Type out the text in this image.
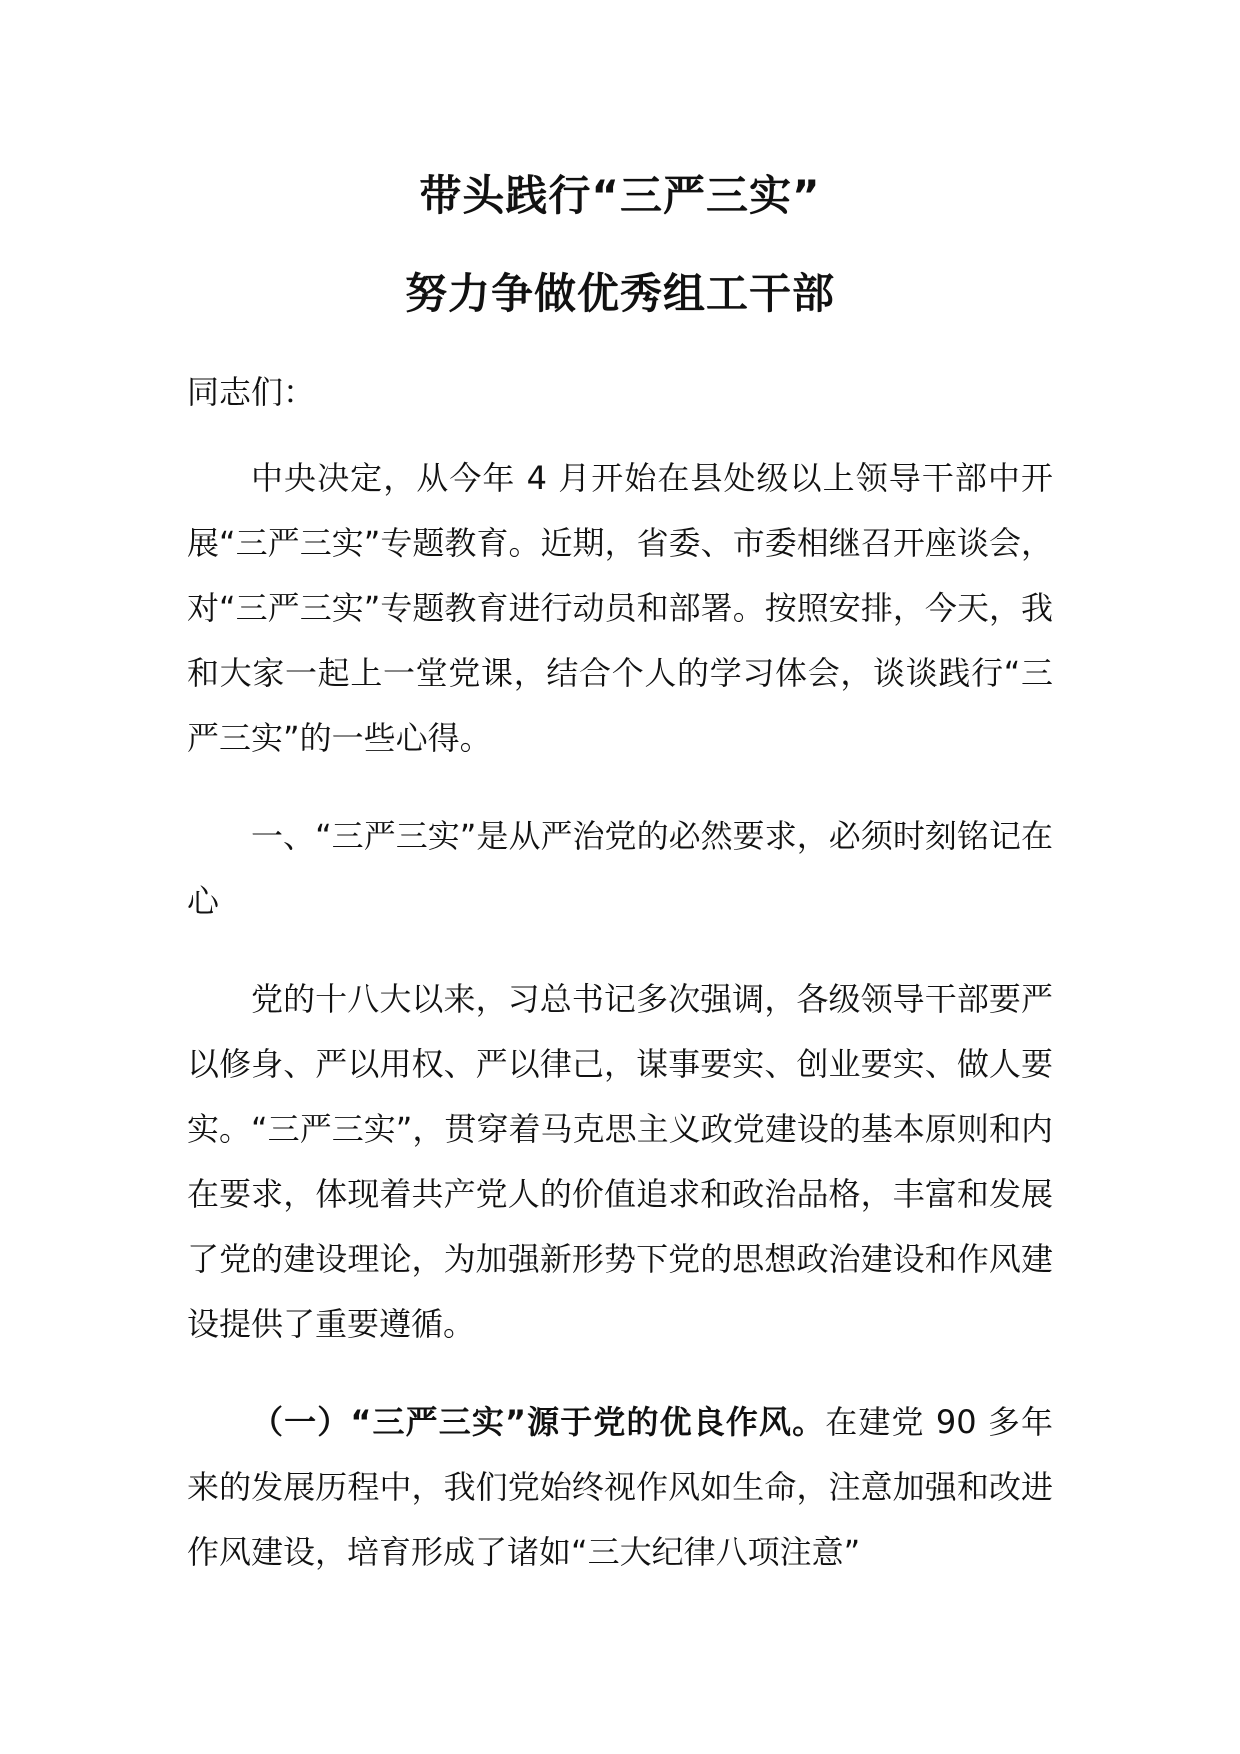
带头践行“三严三实”
努力争做优秀组工干部
同志们：

中央决定，从今年 4 月开始在县处级以上领导干部中开展“三严三实”专题教育。近期，省委、市委相继召开座谈会，对“三严三实”专题教育进行动员和部署。按照安排，今天，我和大家一起上一堂党课，结合个人的学习体会，谈谈践行“三严三实”的一些心得。

一、“三严三实”是从严治党的必然要求，必须时刻铭记在心

党的十八大以来，习总书记多次强调，各级领导干部要严以修身、严以用权、严以律己，谋事要实、创业要实、做人要实。“三严三实”，贯穿着马克思主义政党建设的基本原则和内在要求，体现着共产党人的价值追求和政治品格，丰富和发展了党的建设理论，为加强新形势下党的思想政治建设和作风建设提供了重要遵循。

（一）“三严三实”源于党的优良作风。在建党 90 多年来的发展历程中，我们党始终视作风如生命，注意加强和改进作风建设，培育形成了诸如“三大纪律八项注意”
